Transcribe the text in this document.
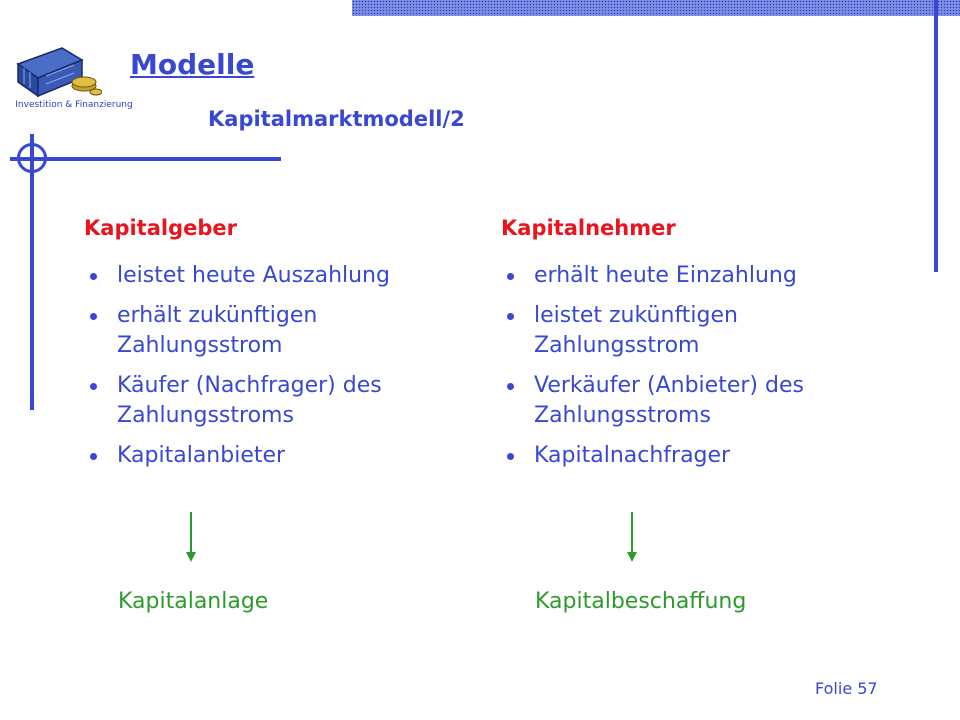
Investition & Finanzierung
Modelle
Kapitalmarktmodell/2
Kapitalgeber
leistet heute Auszahlung
erhält zukünftigen Zahlungsstrom
Käufer (Nachfrager) des Zahlungsstroms
Kapitalanbieter
Kapitalnehmer
erhält heute Einzahlung
leistet zukünftigen Zahlungsstrom
Verkäufer (Anbieter) des Zahlungsstroms
Kapitalnachfrager
Kapitalanlage	Kapitalbeschaffung
Folie 57
